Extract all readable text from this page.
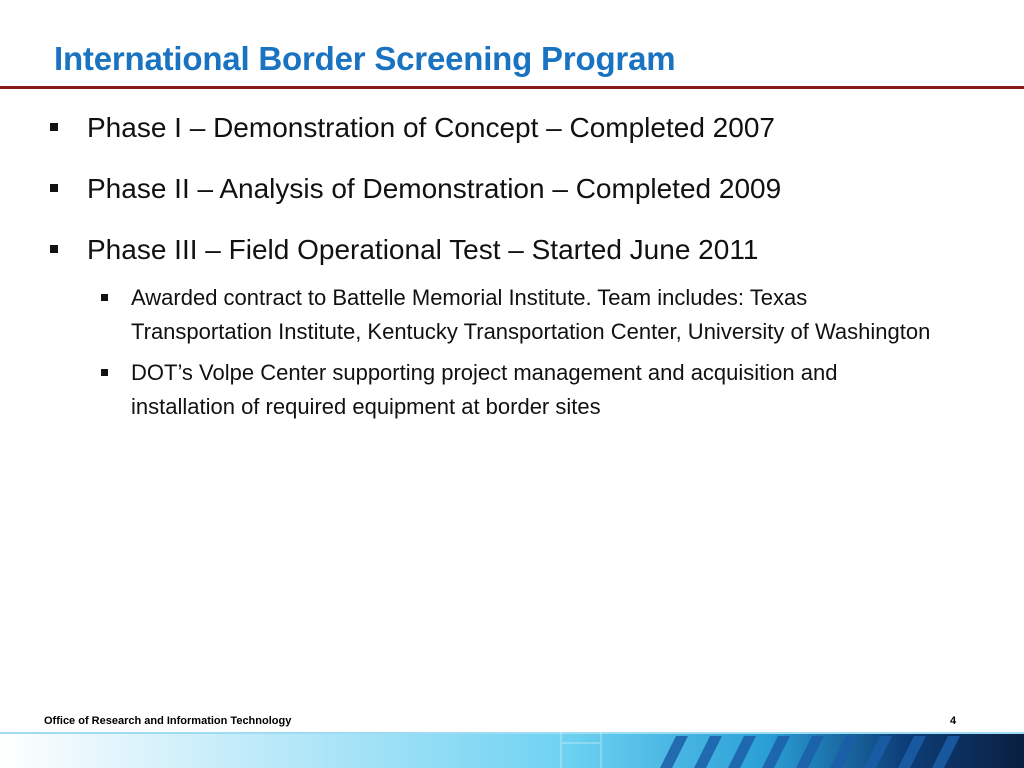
International Border Screening Program
Phase I – Demonstration of Concept – Completed 2007
Phase II – Analysis of Demonstration – Completed 2009
Phase III – Field Operational Test – Started June 2011
Awarded contract to Battelle Memorial Institute. Team includes: Texas Transportation Institute, Kentucky Transportation Center, University of Washington
DOT’s Volpe Center supporting project management and acquisition and installation of required equipment at border sites
Office of Research and Information Technology	4
